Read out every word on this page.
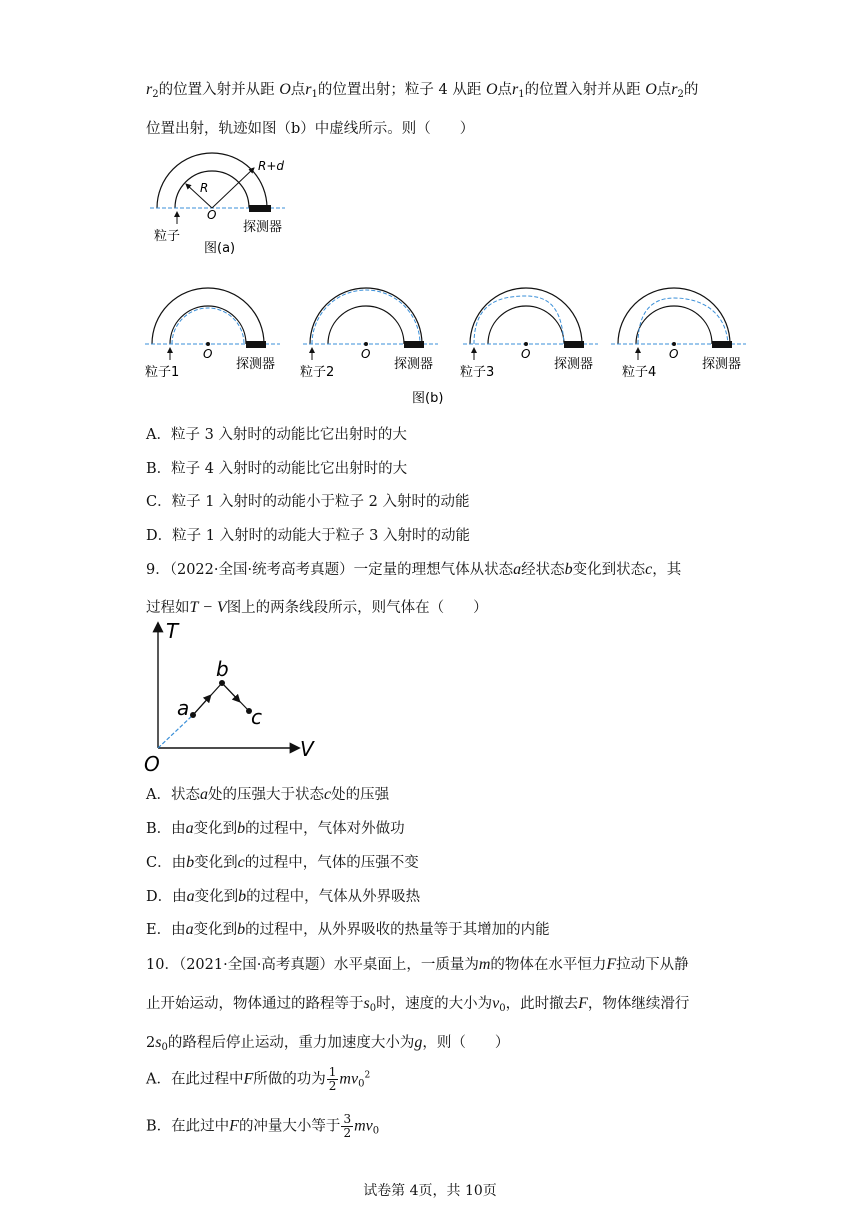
$r_2$的位置入射并从距 O点$r_1$的位置出射；粒子 4 从距 O点$r_1$的位置入射并从距 O点$r_2$的
位置出射，轨迹如图（b）中虚线所示。则（　　）
R
R+d
O
粒子
探测器
图(a)
O
粒子1
探测器
O
粒子2
探测器
O
粒子3
探测器
O
粒子4
探测器
图(b)
A．粒子 3 入射时的动能比它出射时的大
B．粒子 4 入射时的动能比它出射时的大
C．粒子 1 入射时的动能小于粒子 2 入射时的动能
D．粒子 1 入射时的动能大于粒子 3 入射时的动能
9．（2022·全国·统考高考真题）一定量的理想气体从状态a经状态b变化到状态c，其
过程如T − V图上的两条线段所示，则气体在（　　）
T
V
O
a
b
c
A．状态a处的压强大于状态c处的压强
B．由a变化到b的过程中，气体对外做功
C．由b变化到c的过程中，气体的压强不变
D．由a变化到b的过程中，气体从外界吸热
E．由a变化到b的过程中，从外界吸收的热量等于其增加的内能
10．（2021·全国·高考真题）水平桌面上，一质量为m的物体在水平恒力F拉动下从静
止开始运动，物体通过的路程等于$s_0$时，速度的大小为$v_0$，此时撤去F，物体继续滑行
$2s_0$的路程后停止运动，重力加速度大小为g，则（　　）
A．在此过程中F所做的功为 $\frac{1}{2} mv_0^2$
B．在此过中F的冲量大小等于 $\frac{3}{2} mv_0$
试卷第 4页，共 10页
